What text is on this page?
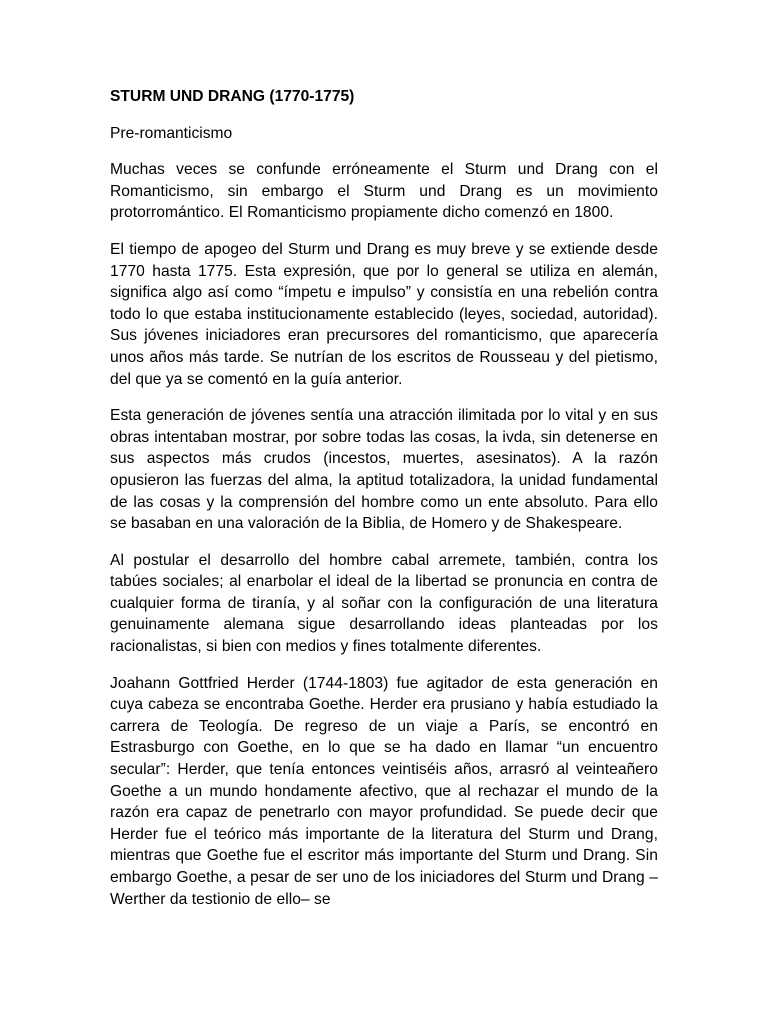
STURM UND DRANG (1770-1775)
Pre-romanticismo
Muchas veces se confunde erróneamente el Sturm und Drang con el Romanticismo, sin embargo el Sturm und Drang es un movimiento protorromántico. El Romanticismo propiamente dicho comenzó en 1800.
El tiempo de apogeo del Sturm und Drang es muy breve y se extiende desde 1770 hasta 1775. Esta expresión, que por lo general se utiliza en alemán, significa algo así como “ímpetu e impulso” y consistía en una rebelión contra todo lo que estaba institucionamente establecido (leyes, sociedad, autoridad). Sus jóvenes iniciadores eran precursores del romanticismo, que aparecería unos años más tarde. Se nutrían de los escritos de Rousseau y del pietismo, del que ya se comentó en la guía anterior.
Esta generación de jóvenes sentía una atracción ilimitada por lo vital y en sus obras intentaban mostrar, por sobre todas las cosas, la ivda, sin detenerse en sus aspectos más crudos (incestos, muertes, asesinatos). A la razón opusieron las fuerzas del alma, la aptitud totalizadora, la unidad fundamental de las cosas y la comprensión del hombre como un ente absoluto. Para ello se basaban en una valoración de la Biblia, de Homero y de Shakespeare.
Al postular el desarrollo del hombre cabal arremete, también, contra los tabúes sociales; al enarbolar el ideal de la libertad se pronuncia en contra de cualquier forma de tiranía, y al soñar con la configuración de una literatura genuinamente alemana sigue desarrollando ideas planteadas por los racionalistas, si bien con medios y fines totalmente diferentes.
Joahann Gottfried Herder (1744-1803) fue agitador de esta generación en cuya cabeza se encontraba Goethe. Herder era prusiano y había estudiado la carrera de Teología. De regreso de un viaje a París, se encontró en Estrasburgo con Goethe, en lo que se ha dado en llamar “un encuentro secular”: Herder, que tenía entonces veintiséis años, arrasró al veinteañero Goethe a un mundo hondamente afectivo, que al rechazar el mundo de la razón era capaz de penetrarlo con mayor profundidad. Se puede decir que Herder fue el teórico más importante de la literatura del Sturm und Drang, mientras que Goethe fue el escritor más importante del Sturm und Drang. Sin embargo Goethe, a pesar de ser uno de los iniciadores del Sturm und Drang –Werther da testionio de ello– se
